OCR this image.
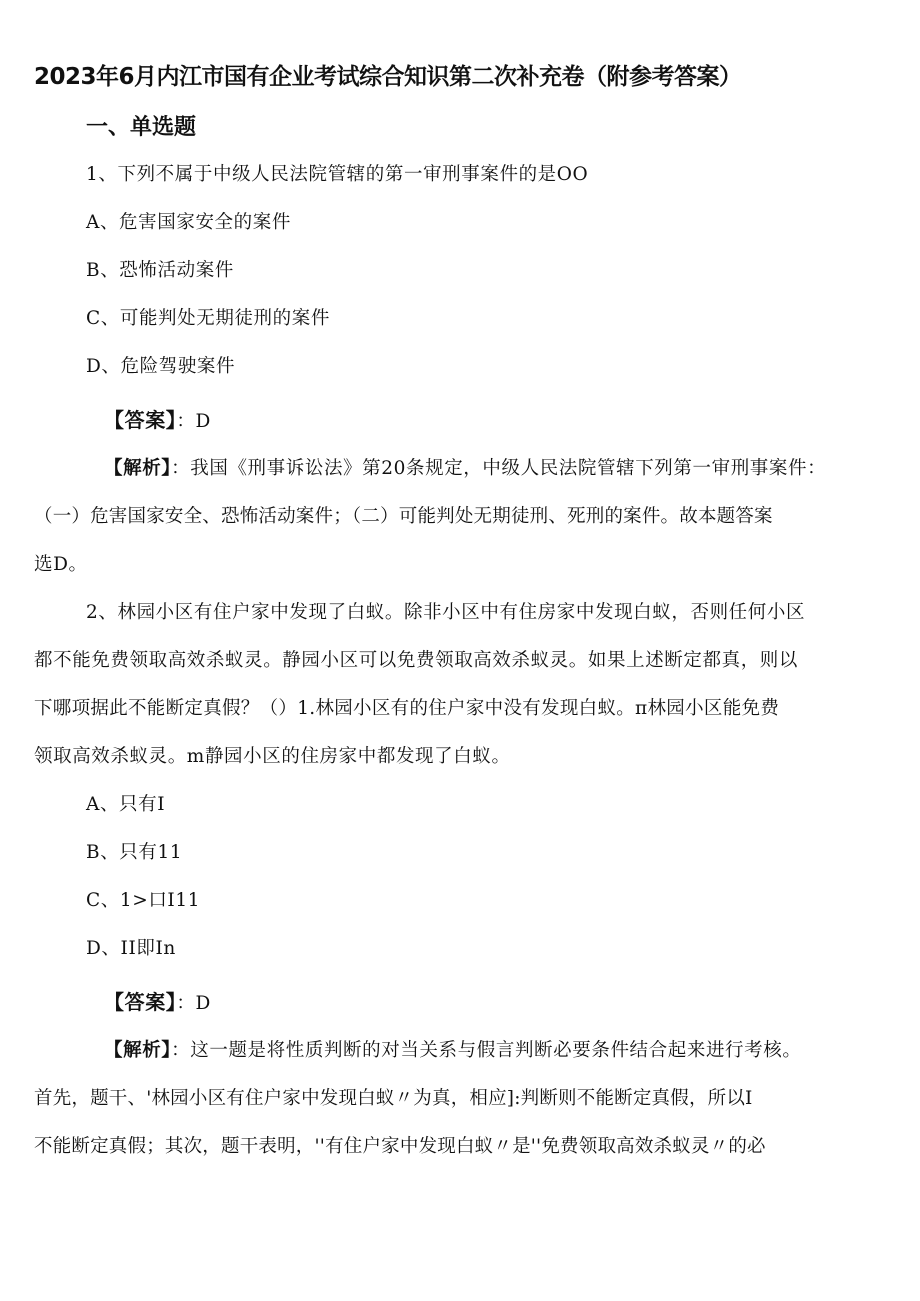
2023年6月内江市国有企业考试综合知识第二次补充卷（附参考答案）
一、单选题
1、下列不属于中级人民法院管辖的第一审刑事案件的是OO
A、危害国家安全的案件
B、恐怖活动案件
C、可能判处无期徒刑的案件
D、危险驾驶案件
【答案】：D
【解析】：我国《刑事诉讼法》第20条规定，中级人民法院管辖下列第一审刑事案件：
（一）危害国家安全、恐怖活动案件；（二）可能判处无期徒刑、死刑的案件。故本题答案
选D。
2、林园小区有住户家中发现了白蚁。除非小区中有住房家中发现白蚁，否则任何小区
都不能免费领取高效杀蚁灵。静园小区可以免费领取高效杀蚁灵。如果上述断定都真，则以
下哪项据此不能断定真假？（）1.林园小区有的住户家中没有发现白蚁。π林园小区能免费
领取高效杀蚁灵。m静园小区的住房家中都发现了白蚁。
A、只有I
B、只有11
C、1>口I11
D、II即In
【答案】：D
【解析】：这一题是将性质判断的对当关系与假言判断必要条件结合起来进行考核。
首先，题干、'林园小区有住户家中发现白蚁〃为真，相应]:判断则不能断定真假，所以I
不能断定真假；其次，题干表明，''有住户家中发现白蚁〃是''免费领取高效杀蚁灵〃的必
